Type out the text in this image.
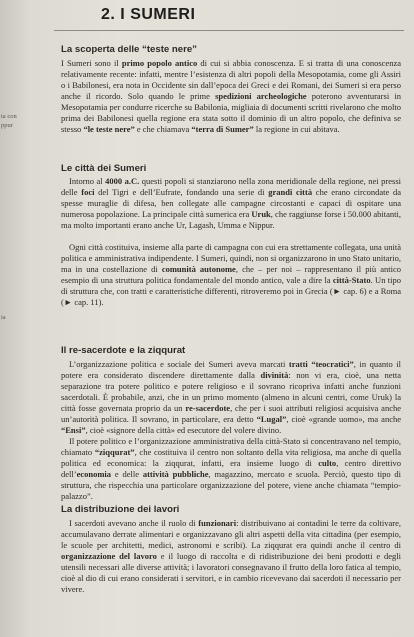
2. I SUMERI
ta con
ppur
ia
La scoperta delle “teste nere”

I Sumeri sono il primo popolo antico di cui si abbia conoscenza. E si tratta di una conoscenza relativamente recente: infatti, mentre l’esistenza di altri popoli della Mesopotamia, come gli Assiri o i Babilonesi, era nota in Occidente sin dall’epoca dei Greci e dei Romani, dei Sumeri si era perso anche il ricordo. Solo quando le prime spedizioni archeologiche poterono avventurarsi in Mesopotamia per condurre ricerche su Babilonia, migliaia di documenti scritti rivelarono che molto prima dei Babilonesi quella regione era stata sotto il dominio di un altro popolo, che definiva se stesso “le teste nere” e che chiamava “terra di Sumer” la regione in cui abitava.

Le città dei Sumeri

Intorno al 4000 a.C. questi popoli si stanziarono nella zona meridionale della regione, nei pressi delle foci del Tigri e dell’Eufrate, fondando una serie di grandi città che erano circondate da spesse muraglie di difesa, ben collegate alle campagne circostanti e capaci di ospitare una numerosa popolazione. La principale città sumerica era Uruk, che raggiunse forse i 50.000 abitanti, ma molto importanti erano anche Ur, Lagash, Umma e Nippur.

Ogni città costituiva, insieme alla parte di campagna con cui era strettamente collegata, una unità politica e amministrativa indipendente. I Sumeri, quindi, non si organizzarono in uno Stato unitario, ma in una costellazione di comunità autonome, che – per noi – rappresentano il più antico esempio di una struttura politica fondamentale del mondo antico, vale a dire la città-Stato. Un tipo di struttura che, con tratti e caratteristiche differenti, ritroveremo poi in Grecia (► cap. 6) e a Roma (► cap. 11).

Il re-sacerdote e la ziqqurat

L’organizzazione politica e sociale dei Sumeri aveva marcati tratti “teocratici”, in quanto il potere era considerato discendere direttamente dalla divinità: non vi era, cioè, una netta separazione tra potere politico e potere religioso e il sovrano ricopriva infatti anche funzioni sacerdotali. È probabile, anzi, che in un primo momento (almeno in alcuni centri, come Uruk) la città fosse governata proprio da un re-sacerdote, che per i suoi attributi religiosi acquisiva anche un’autorità politica. Il sovrano, in particolare, era detto “Lugal”, cioè «grande uomo», ma anche “Ensi”, cioè «signore della città» ed esecutore del volere divino.

Il potere politico e l’organizzazione amministrativa della città-Stato si concentravano nel tempio, chiamato “ziqqurat”, che costituiva il centro non soltanto della vita religiosa, ma anche di quella politica ed economica: la ziqqurat, infatti, era insieme luogo di culto, centro direttivo dell’economia e delle attività pubbliche, magazzino, mercato e scuola. Perciò, questo tipo di struttura, che rispecchia una particolare organizzazione del potere, viene anche chiamata “tempio-palazzo”.

La distribuzione dei lavori

I sacerdoti avevano anche il ruolo di funzionari: distribuivano ai contadini le terre da coltivare, accumulavano derrate alimentari e organizzavano gli altri aspetti della vita cittadina (per esempio, le scuole per architetti, medici, astronomi e scribi). La ziqqurat era quindi anche il centro di organizzazione del lavoro e il luogo di raccolta e di ridistribuzione dei beni prodotti e degli utensili necessari alle diverse attività; i lavoratori consegnavano il frutto della loro fatica al tempio, cioè al dio di cui erano considerati i servitori, e in cambio ricevevano dai sacerdoti il necessario per vivere.
